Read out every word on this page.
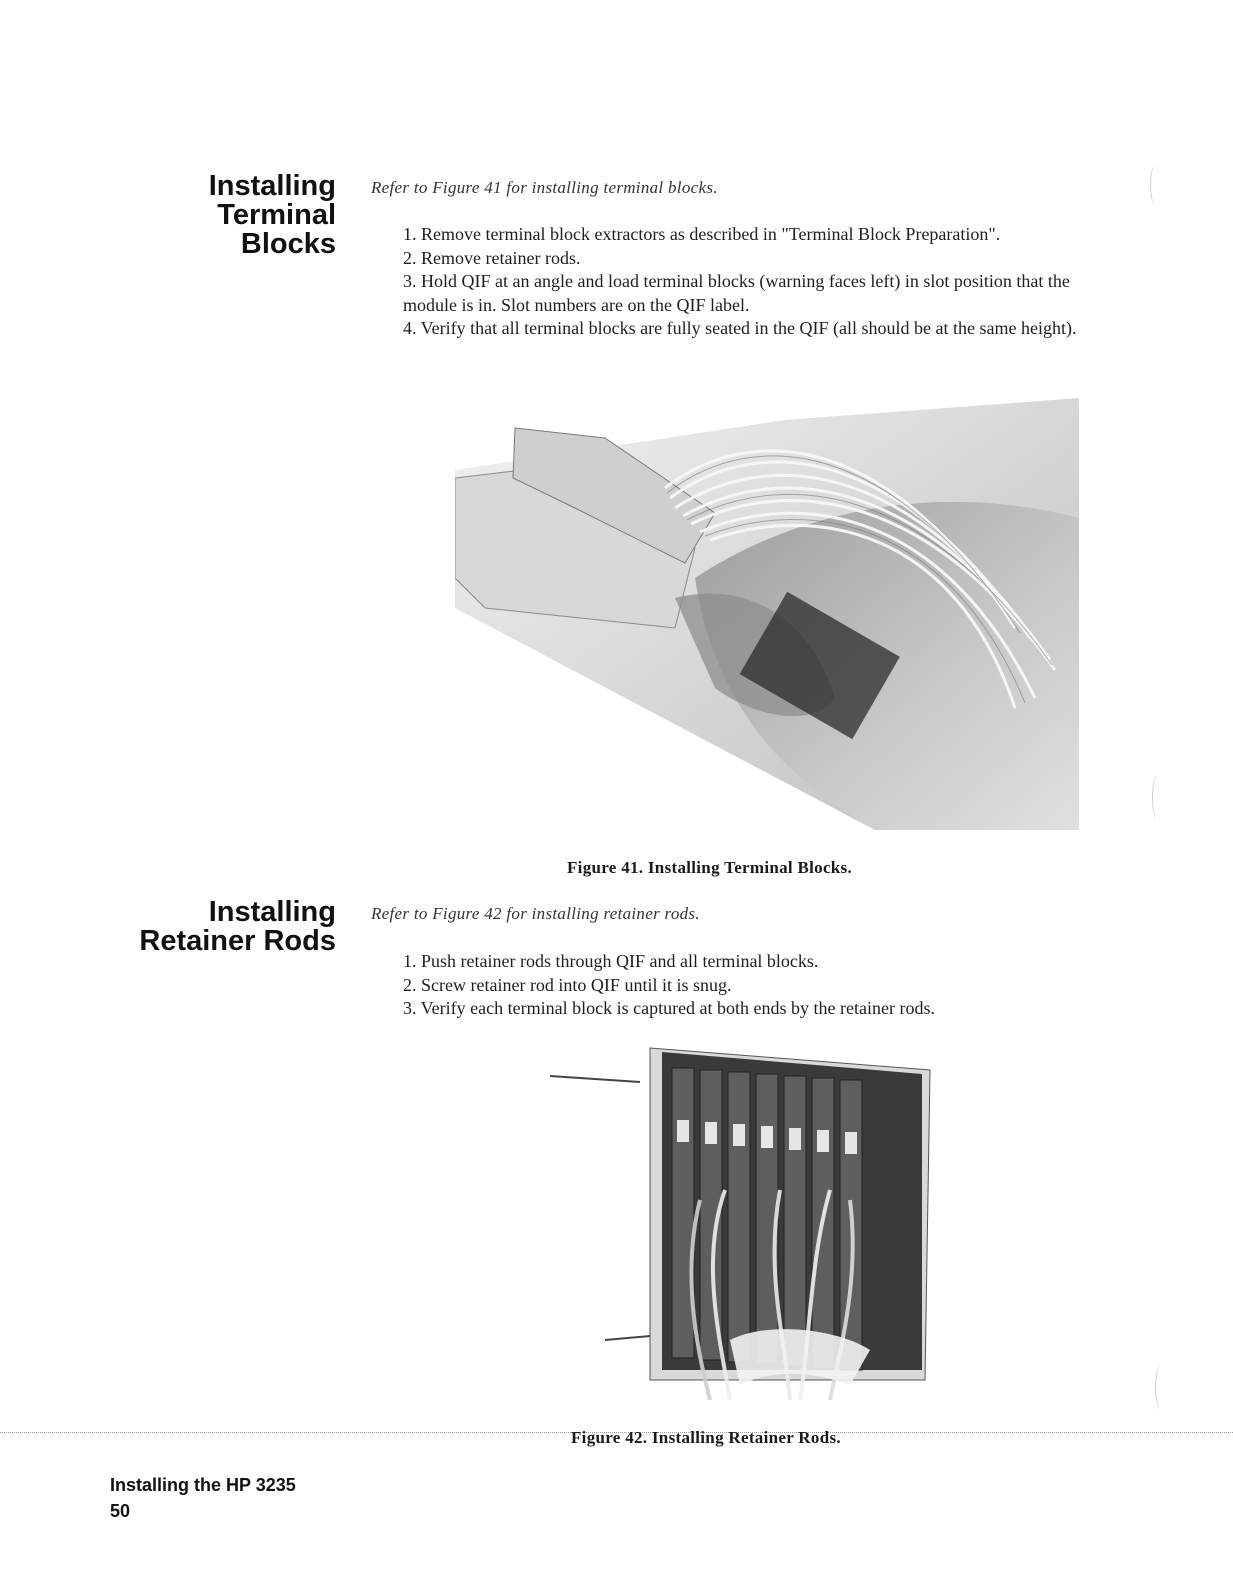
Installing
Terminal
Blocks
Refer to Figure 41 for installing terminal blocks.
1. Remove terminal block extractors as described in "Terminal Block Preparation".
2. Remove retainer rods.
3. Hold QIF at an angle and load terminal blocks (warning faces left) in slot position that the module is in. Slot numbers are on the QIF label.
4. Verify that all terminal blocks are fully seated in the QIF (all should be at the same height).
Figure 41. Installing Terminal Blocks.
Installing
Retainer Rods
Refer to Figure 42 for installing retainer rods.
1. Push retainer rods through QIF and all terminal blocks.
2. Screw retainer rod into QIF until it is snug.
3. Verify each terminal block is captured at both ends by the retainer rods.
Figure 42. Installing Retainer Rods.
Installing the HP 3235
50
